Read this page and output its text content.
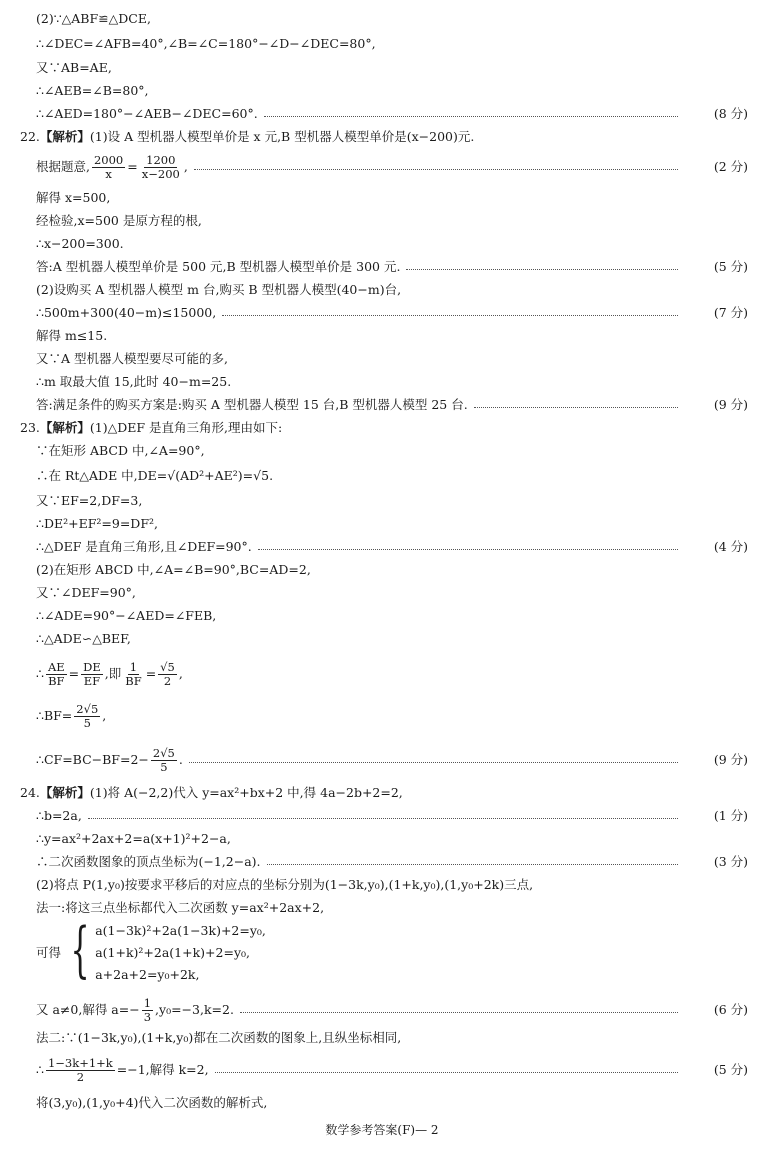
(2)∵△ABF≌△DCE,
∴∠DEC=∠AFB=40°,∠B=∠C=180°−∠D−∠DEC=80°,
又∵AB=AE,
∴∠AEB=∠B=80°,
∴∠AED=180°−∠AEB−∠DEC=60°.	(8 分)
22. 【解析】 (1)设 A 型机器人模型单价是 x 元,B 型机器人模型单价是(x−200)元.
根据题意, $\frac{2000}{x} = \frac{1200}{x-200}$ ,	(2 分)
解得 x=500,
经检验,x=500 是原方程的根,
∴x−200=300.
答:A 型机器人模型单价是 500 元,B 型机器人模型单价是 300 元.	(5 分)
(2)设购买 A 型机器人模型 m 台,购买 B 型机器人模型(40−m)台,
∴500m+300(40−m)≤15000,	(7 分)
解得 m≤15.
又∵A 型机器人模型要尽可能的多,
∴m 取最大值 15,此时 40−m=25.
答:满足条件的购买方案是:购买 A 型机器人模型 15 台,B 型机器人模型 25 台.	(9 分)
23. 【解析】 (1)△DEF 是直角三角形,理由如下:
∵在矩形 ABCD 中,∠A=90°,
∴在 Rt△ADE 中,DE=√(AD²+AE²)=√5.
又∵EF=2,DF=3,
∴DE²+EF²=9=DF²,
∴△DEF 是直角三角形,且∠DEF=90°.	(4 分)
(2)在矩形 ABCD 中,∠A=∠B=90°,BC=AD=2,
又∵∠DEF=90°,
∴∠ADE=90°−∠AED=∠FEB,
∴△ADE∽△BEF,
∴ $\frac{AE}{BF} = \frac{DE}{EF}$ ,即 $\frac{1}{BF} = \frac{√5}{2}$ ,
∴BF= $\frac{2√5}{5}$ ,
∴CF=BC−BF=2− $\frac{2√5}{5}$ .	(9 分)
24. 【解析】 (1)将 A(−2,2)代入 y=ax²+bx+2 中,得 4a−2b+2=2,
∴b=2a,	(1 分)
∴y=ax²+2ax+2=a(x+1)²+2−a,
∴二次函数图象的顶点坐标为(−1,2−a).	(3 分)
(2)将点 P(1,y₀)按要求平移后的对应点的坐标分别为(1−3k,y₀),(1+k,y₀),(1,y₀+2k)三点,
法一:将这三点坐标都代入二次函数 y=ax²+2ax+2,
可得 { a(1−3k)²+2a(1−3k)+2=y₀,
a(1+k)²+2a(1+k)+2=y₀,
a+2a+2=y₀+2k,
又 a≠0,解得 $a=- \frac{1}{3} ,y_0=-3,k=2$.	(6 分)
法二:∵(1−3k,y₀),(1+k,y₀)都在二次函数的图象上,且纵坐标相同,
∴ $\frac{1-3k+1+k}{2} =-1$,解得 k=2,	(5 分)
将(3,y₀),(1,y₀+4)代入二次函数的解析式,
数学参考答案(F)— 2
